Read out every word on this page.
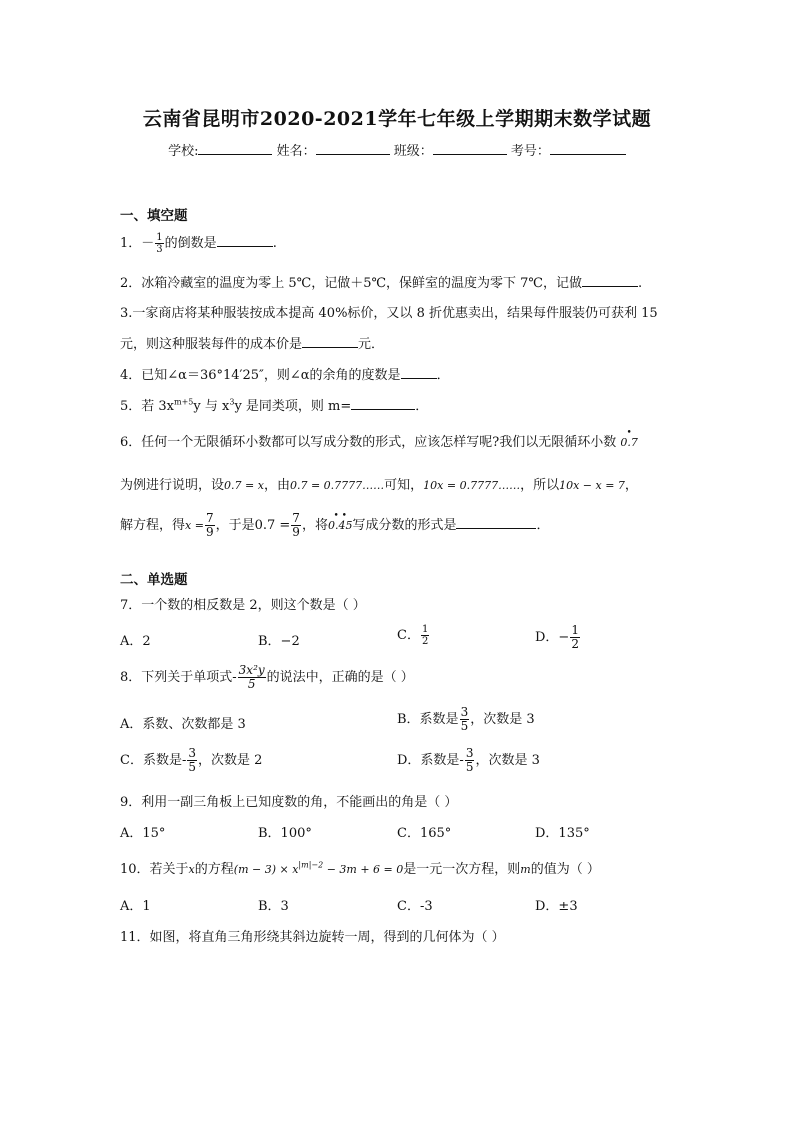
云南省昆明市2020-2021学年七年级上学期期末数学试题
学校:	姓名：	班级：	考号：
一、填空题
1．－ $\frac{1}{3}$ 的倒数是	.
2．冰箱冷藏室的温度为零上 5℃，记做＋5℃，保鲜室的温度为零下 7℃，记做	.
3.一家商店将某种服装按成本提高 40%标价，又以 8 折优惠卖出，结果每件服装仍可获利 15
元，则这种服装每件的成本价是	元．
4．已知∠α＝36°14′25″，则∠α的余角的度数是	．
5．若 $3x^{m+5}y$ 与 $x^3y$ 是同类项，则 m=	．
6．任何一个无限循环小数都可以写成分数的形式，应该怎样写呢?我们以无限循环小数
•
0.7
为例进行说明，设0.7 = x，由0.7 = 0.7777……可知，10x = 0.7777……，所以10x − x = 7，
解方程，得$x = \frac{7}{9}$ ，于是$0.7 = \frac{7}{9}$ ，将
• •
0.45写成分数的形式是	．
二、单选题
7．一个数的相反数是 2，则这个数是（ ）
A．2	B．−2	C． $\frac{1}{2}$	D．− $\frac{1}{2}$
8．下列关于单项式- $\frac{\text{3x²y}}{5}$ 的说法中，正确的是（ ）
A．系数、次数都是 3	B．系数是 $\frac{3}{5}$ ，次数是 3
C．系数是- $\frac{3}{5}$ ，次数是 2	D．系数是- $\frac{3}{5}$ ，次数是 3
9．利用一副三角板上已知度数的角，不能画出的角是（ ）
A．15°	B．100°	C．165°	D．135°
10．若关于x的方程$(m - 3) \times x^{|m|-2} - 3m + 6 = 0$是一元一次方程，则m的值为（ ）
A．1	B．3	C．-3	D．±3
11．如图，将直角三角形绕其斜边旋转一周，得到的几何体为（ ）
